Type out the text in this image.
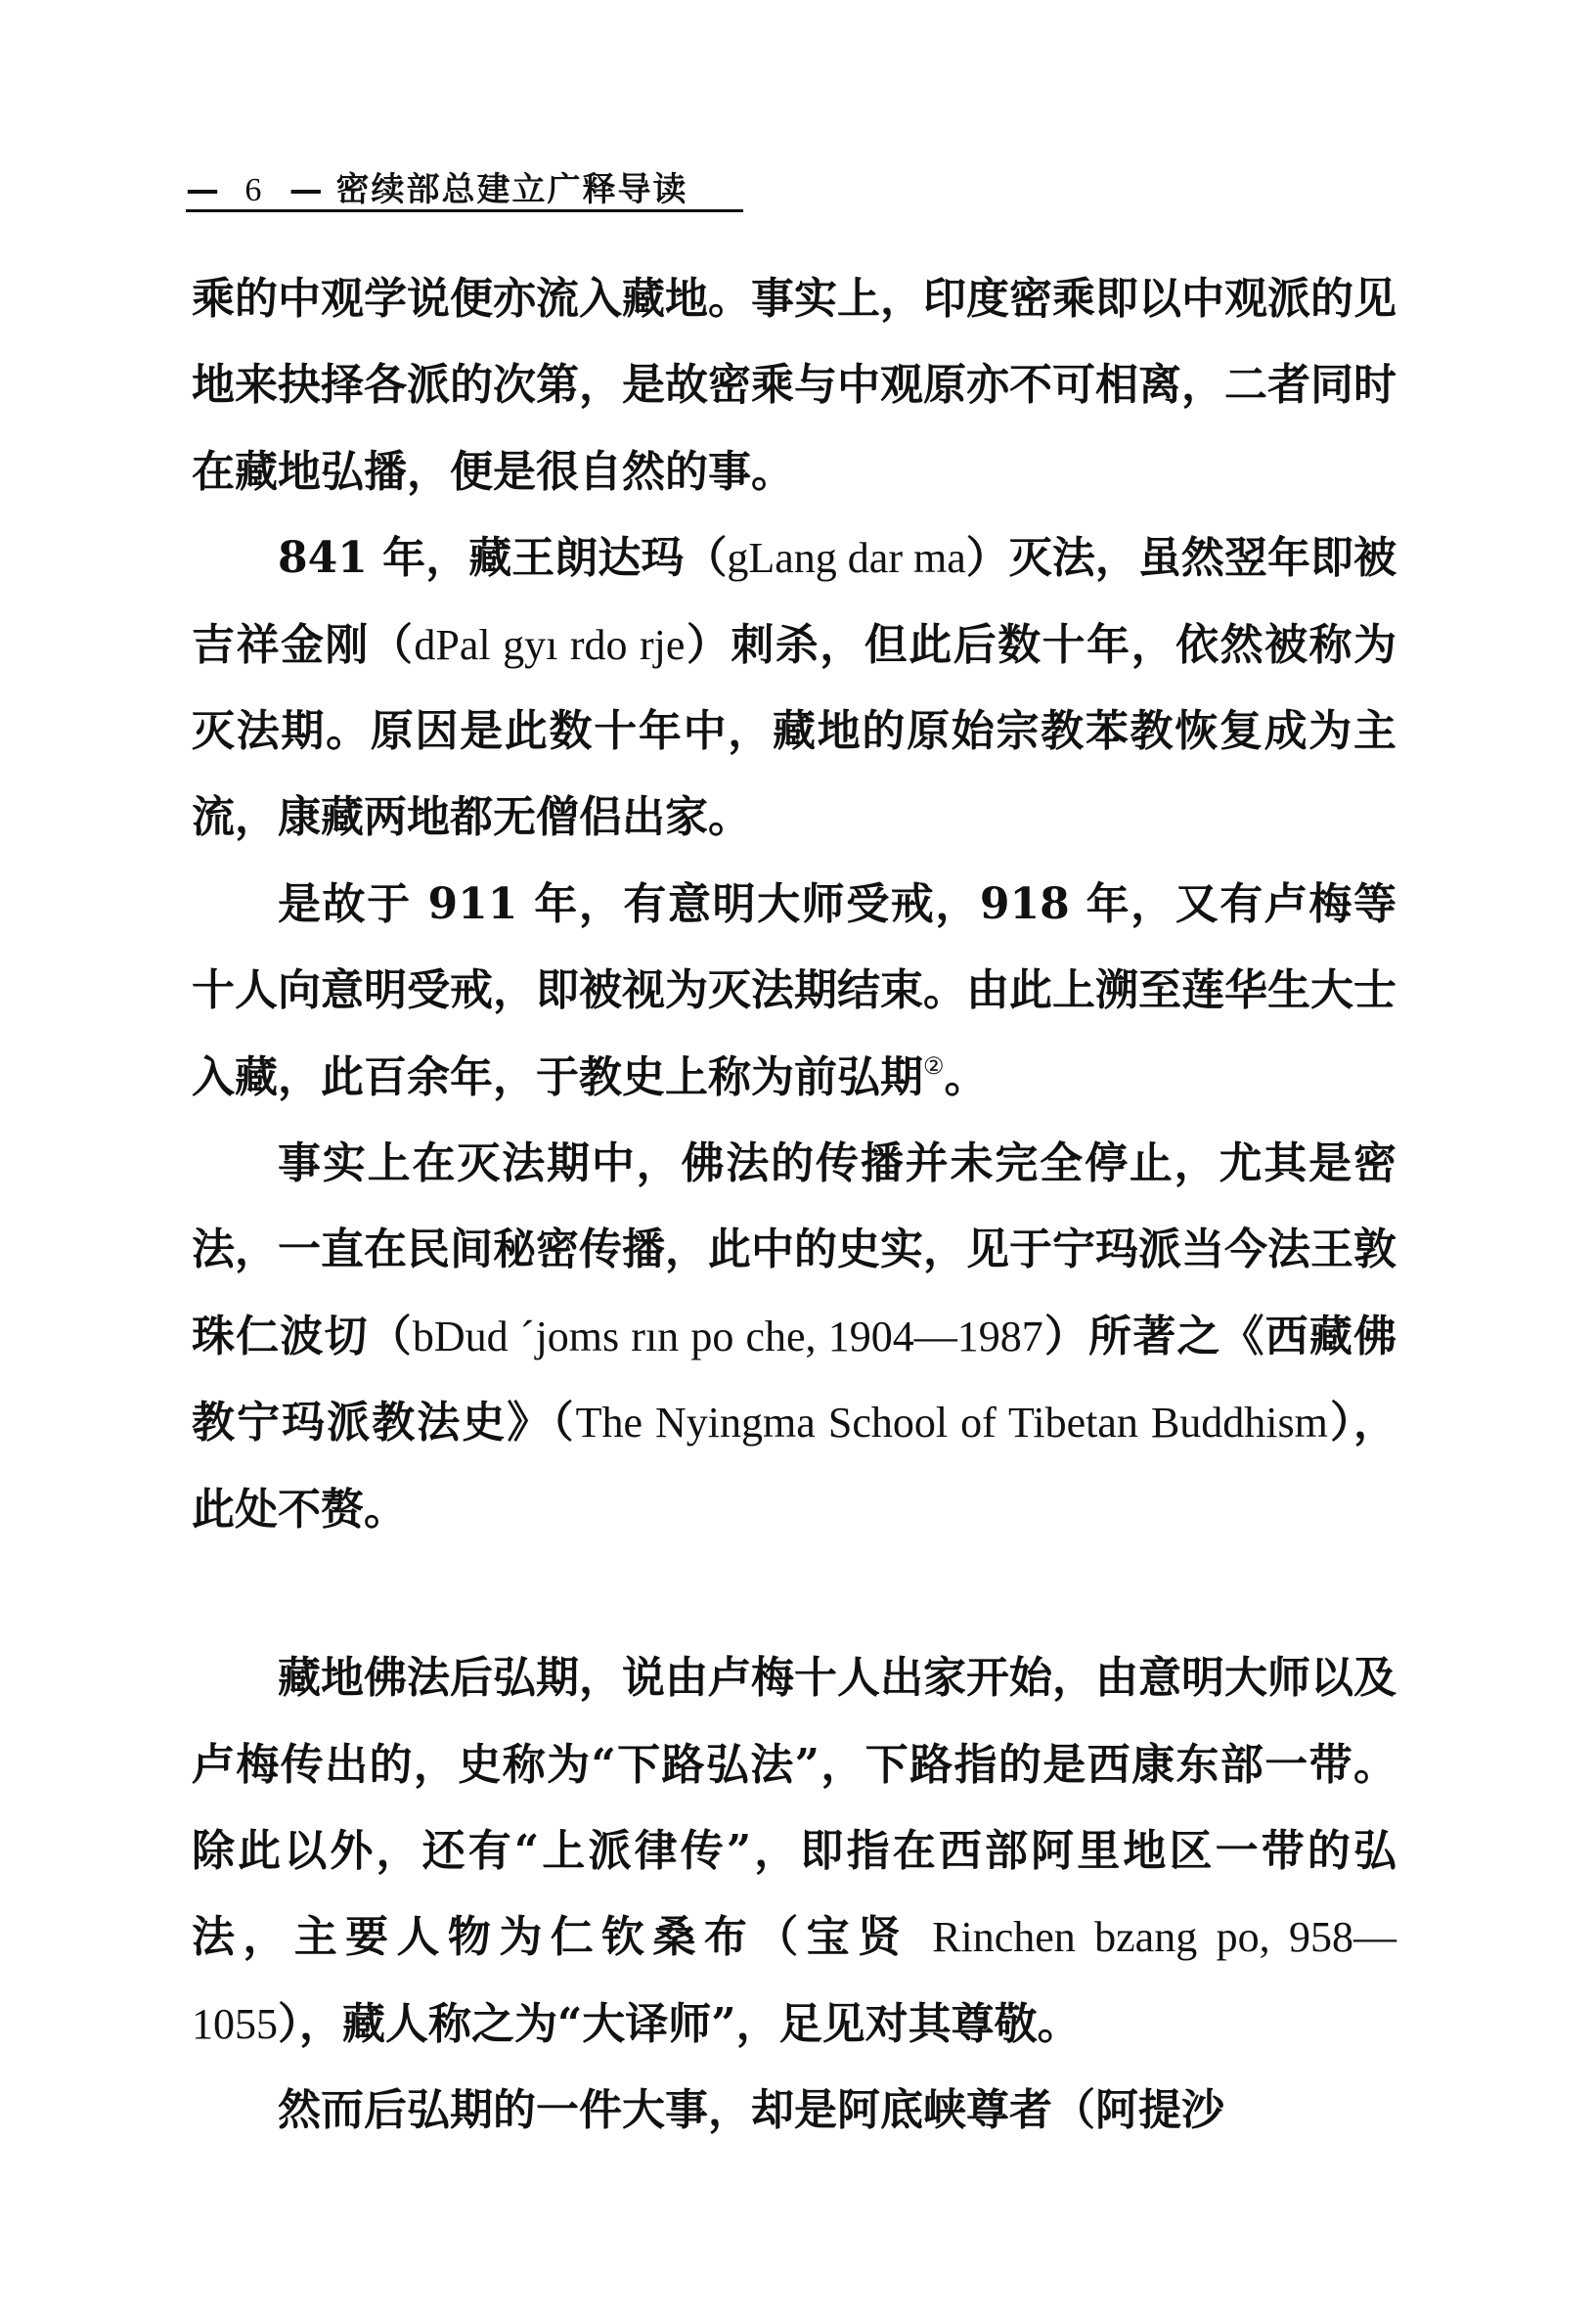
— 6 — 密续部总建立广释导读

乘的中观学说便亦流入藏地。事实上，印度密乘即以中观派的见地来抉择各派的次第，是故密乘与中观原亦不可相离，二者同时在藏地弘播，便是很自然的事。

841 年，藏王朗达玛（gLang dar ma）灭法，虽然翌年即被吉祥金刚（dPal gyı rdo rje）刺杀，但此后数十年，依然被称为灭法期。原因是此数十年中，藏地的原始宗教苯教恢复成为主流，康藏两地都无僧侣出家。

是故于 911 年，有意明大师受戒，918 年，又有卢梅等十人向意明受戒，即被视为灭法期结束。由此上溯至莲华生大士入藏，此百余年，于教史上称为前弘期②。

事实上在灭法期中，佛法的传播并未完全停止，尤其是密法，一直在民间秘密传播，此中的史实，见于宁玛派当今法王敦珠仁波切（bDud ˊjoms rın po che, 1904—1987）所著之《西藏佛教宁玛派教法史》（The Nyingma School of Tibetan Buddhism），此处不赘。

藏地佛法后弘期，说由卢梅十人出家开始，由意明大师以及卢梅传出的，史称为“下路弘法”，下路指的是西康东部一带。除此以外，还有“上派律传”，即指在西部阿里地区一带的弘法，主要人物为仁钦桑布（宝贤 Rinchen bzang po, 958—1055），藏人称之为“大译师”，足见对其尊敬。

然而后弘期的一件大事，却是阿底峡尊者（阿提沙
